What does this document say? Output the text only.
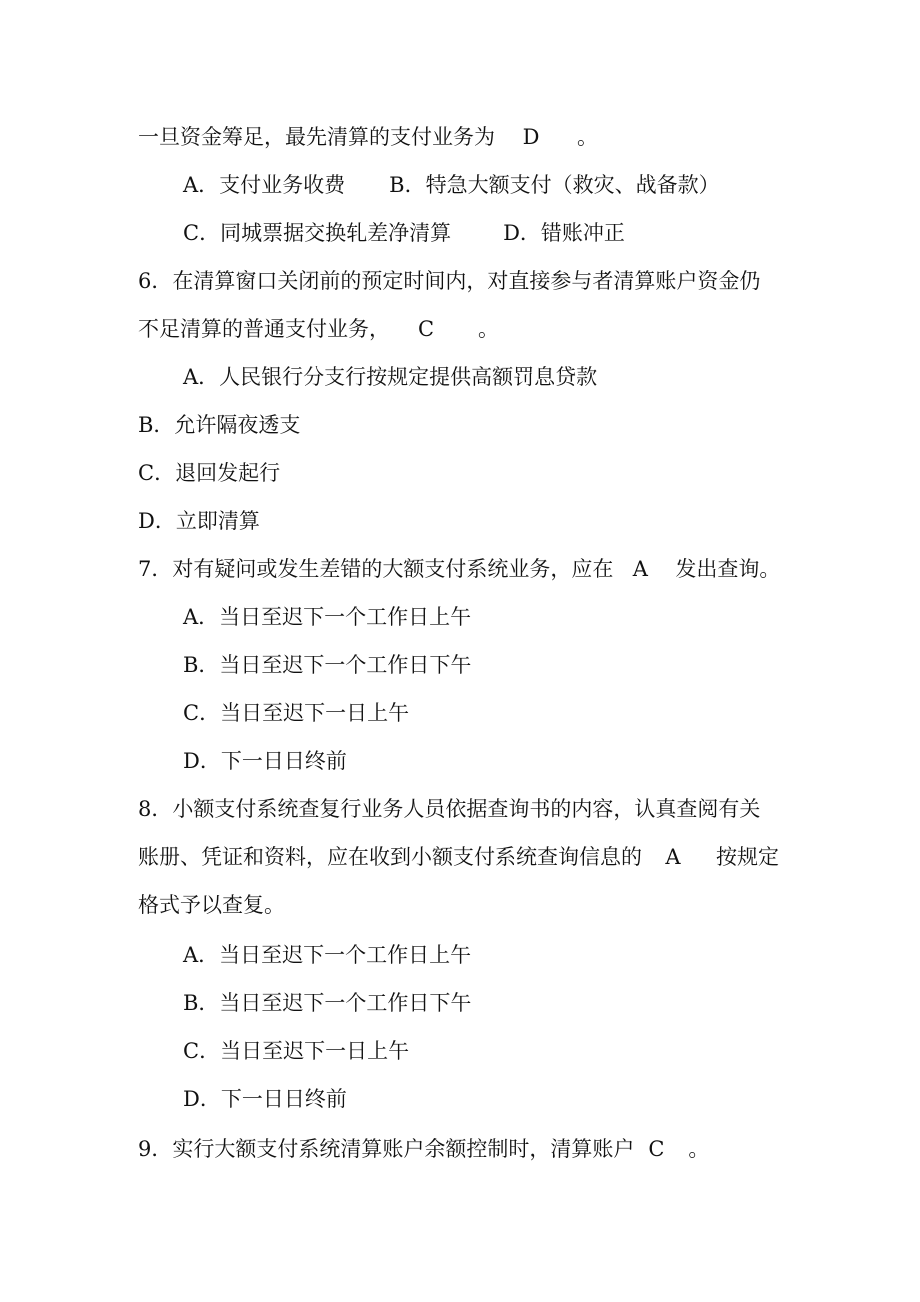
一旦资金筹足，最先清算的支付业务为 D 。
A．支付业务收费 B．特急大额支付（救灾、战备款）
C．同城票据交换轧差净清算 D．错账冲正
6．在清算窗口关闭前的预定时间内，对直接参与者清算账户资金仍
不足清算的普通支付业务， C 。
A．人民银行分支行按规定提供高额罚息贷款
B．允许隔夜透支
C．退回发起行
D．立即清算
7．对有疑问或发生差错的大额支付系统业务，应在 A 发出查询。
A．当日至迟下一个工作日上午
B．当日至迟下一个工作日下午
C．当日至迟下一日上午
D．下一日日终前
8．小额支付系统查复行业务人员依据查询书的内容，认真查阅有关
账册、凭证和资料，应在收到小额支付系统查询信息的 A 按规定
格式予以查复。
A．当日至迟下一个工作日上午
B．当日至迟下一个工作日下午
C．当日至迟下一日上午
D．下一日日终前
9．实行大额支付系统清算账户余额控制时，清算账户 C 。
